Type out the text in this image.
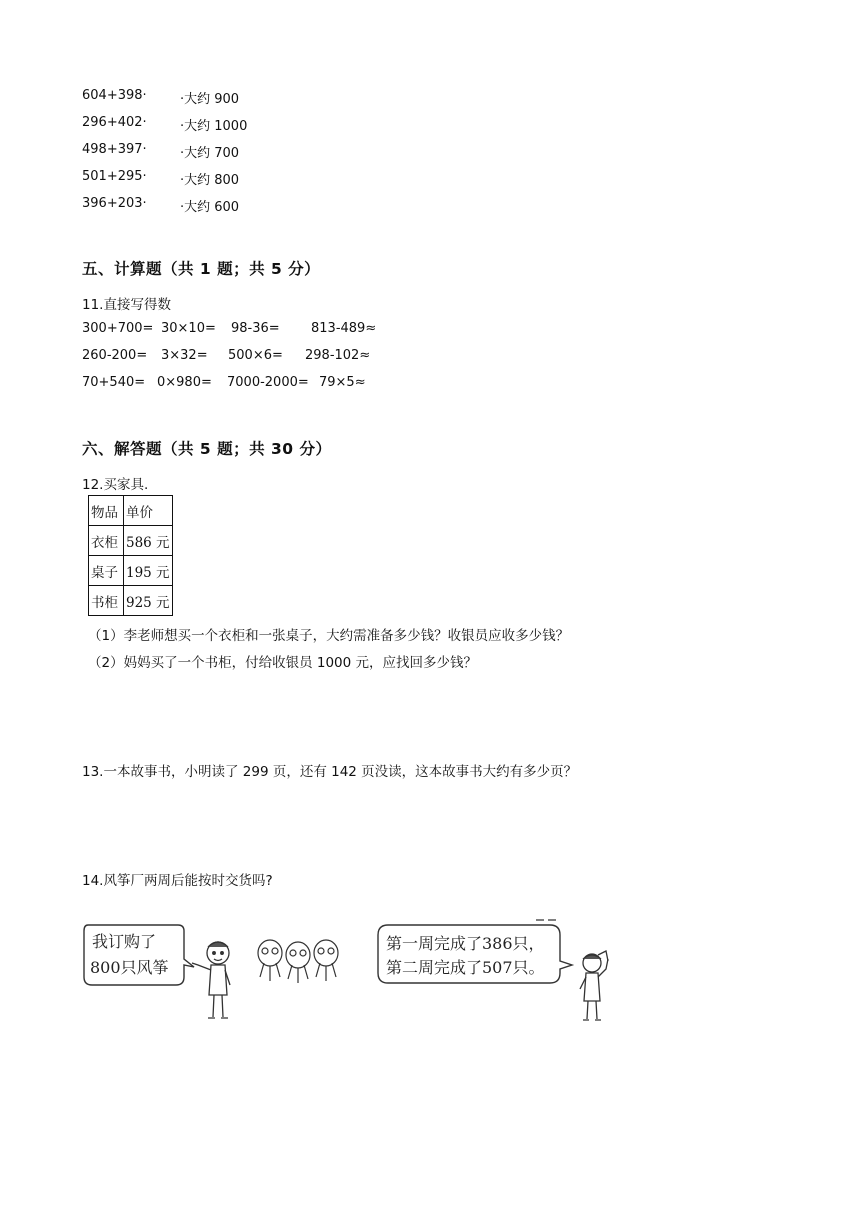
604+398·	·大约 900
296+402·	·大约 1000
498+397·	·大约 700
501+295·	·大约 800
396+203·	·大约 600
五、计算题（共 1 题；共 5 分）
11.直接写得数
300+700= 30×10= 98-36= 813-489≈
260-200= 3×32= 500×6= 298-102≈
70+540= 0×980= 7000-2000= 79×5≈
六、解答题（共 5 题；共 30 分）
12.买家具.
物品	单价
衣柜	586 元
桌子	195 元
书柜	925 元
（1）李老师想买一个衣柜和一张桌子，大约需准备多少钱？收银员应收多少钱？
（2）妈妈买了一个书柜，付给收银员 1000 元，应找回多少钱？
13.一本故事书，小明读了 299 页，还有 142 页没读，这本故事书大约有多少页？
14.风筝厂两周后能按时交货吗?
我订购了
800只风筝
第一周完成了386只，
第二周完成了507只。
